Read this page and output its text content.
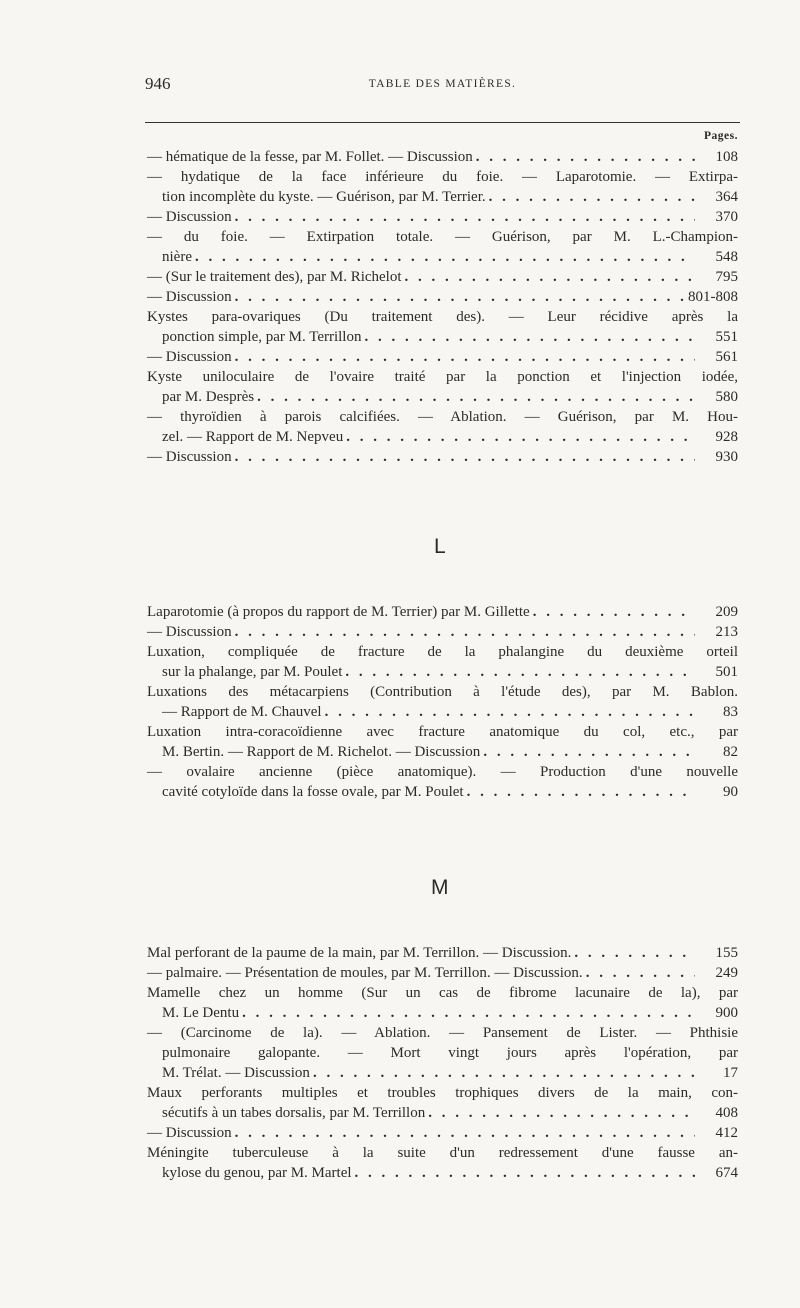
946	TABLE DES MATIÈRES.
Pages.
— hématique de la fesse, par M. Follet. — Discussion . . .	108
— hydatique de la face inférieure du foie. — Laparotomie. — Extirpa-
tion incomplète du kyste. — Guérison, par M. Terrier. . . .	364
— Discussion . . .	370
— du foie. — Extirpation totale. — Guérison, par M. L.-Champion-
nière . . .	548
— (Sur le traitement des), par M. Richelot . . .	795
— Discussion . . .	801-808
Kystes para-ovariques (Du traitement des). — Leur récidive après la
ponction simple, par M. Terrillon . . .	551
— Discussion . . .	561
Kyste uniloculaire de l'ovaire traité par la ponction et l'injection iodée,
par M. Desprès . . .	580
— thyroïdien à parois calcifiées. — Ablation. — Guérison, par M. Hou-
zel. — Rapport de M. Nepveu . . .	928
— Discussion . . .	930
L
Laparotomie (à propos du rapport de M. Terrier) par M. Gillette . . .	209
— Discussion . . .	213
Luxation, compliquée de fracture de la phalangine du deuxième orteil
sur la phalange, par M. Poulet . . .	501
Luxations des métacarpiens (Contribution à l'étude des), par M. Bablon.
— Rapport de M. Chauvel . . .	83
Luxation intra-coracoïdienne avec fracture anatomique du col, etc., par
M. Bertin. — Rapport de M. Richelot. — Discussion . . .	82
— ovalaire ancienne (pièce anatomique). — Production d'une nouvelle
cavité cotyloïde dans la fosse ovale, par M. Poulet . . .	90
M
Mal perforant de la paume de la main, par M. Terrillon. — Discussion. . . .	155
— palmaire. — Présentation de moules, par M. Terrillon. — Discussion. . . .	249
Mamelle chez un homme (Sur un cas de fibrome lacunaire de la), par
M. Le Dentu . . .	900
— (Carcinome de la). — Ablation. — Pansement de Lister. — Phthisie
pulmonaire galopante. — Mort vingt jours après l'opération, par
M. Trélat. — Discussion . . .	17
Maux perforants multiples et troubles trophiques divers de la main, con-
sécutifs à un tabes dorsalis, par M. Terrillon . . .	408
— Discussion . . .	412
Méningite tuberculeuse à la suite d'un redressement d'une fausse an-
kylose du genou, par M. Martel . . .	674
